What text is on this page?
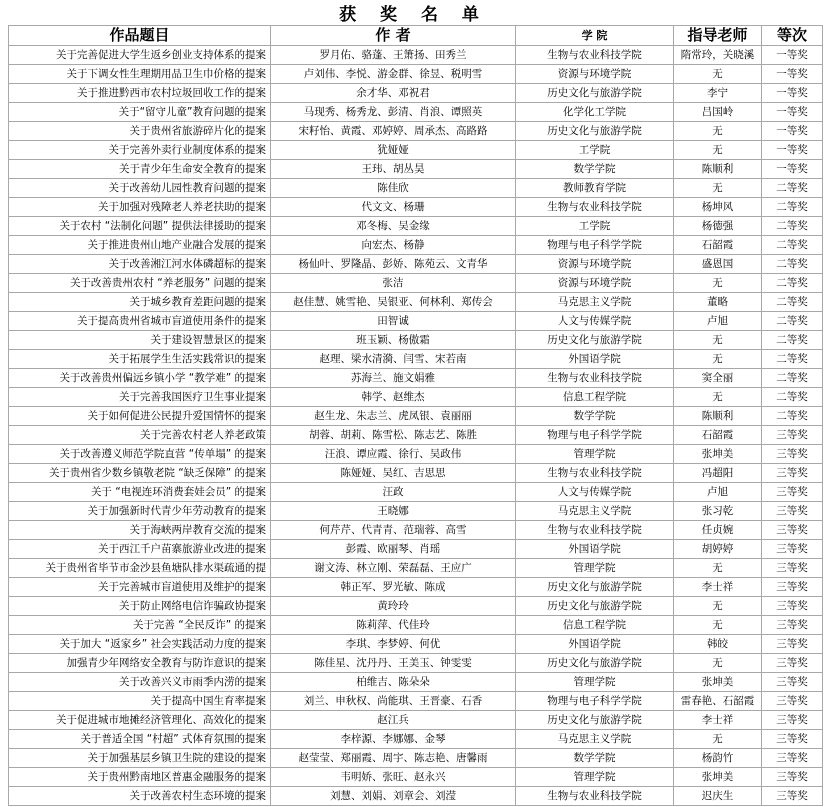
获 奖 名 单
作品题目	作 者	学 院	指导老师	等次
关于完善促进大学生返乡创业支持体系的提案	罗月佑、骆蓬、王箫扬、田秀兰	生物与农业科技学院	隋常玲，关晓溪	一等奖
关于下调女性生理期用品卫生巾价格的提案	卢刘伟、李悦、游金群、徐昱、税明雪	资源与环境学院	无	一等奖
关于推进黔西市农村垃圾回收工作的提案	余才华、邓祝君	历史文化与旅游学院	李宁	一等奖
关于“留守儿童”教育问题的提案	马现秀、杨秀龙、彭清、肖浪、谭照英	化学化工学院	吕国岭	一等奖
关于贵州省旅游碎片化的提案	宋籽怡、黄霞、邓婷婷、周承杰、高路路	历史文化与旅游学院	无	一等奖
关于完善外卖行业制度体系的提案	犹娅娅	工学院	无	一等奖
关于青少年生命安全教育的提案	王玮、胡丛昊	数学学院	陈顺利	一等奖
关于改善幼儿园性教育问题的提案	陈佳欣	教师教育学院	无	二等奖
关于加强对残障老人养老扶助的提案	代文文、杨珊	生物与农业科技学院	杨坤风	二等奖
关于农村 “法制化问题” 提供法律援助的提案	邓冬梅、吴金缘	工学院	杨德强	二等奖
关于推进贵州山地产业融合发展的提案	向宏杰、杨静	物理与电子科学学院	石韶霞	二等奖
关于改善湘江河水体磷超标的提案	杨仙叶、罗隆晶、彭娇、陈苑云、文青华	资源与环境学院	盛恩国	二等奖
关于改善贵州农村 “养老服务” 问题的提案	张洁	资源与环境学院	无	二等奖
关于城乡教育差距问题的提案	赵佳慧、姚雪艳、吴银亚、何林利、郑传会	马克思主义学院	董略	二等奖
关于提高贵州省城市盲道使用条件的提案	田智诚	人文与传媒学院	卢旭	二等奖
关于建设智慧景区的提案	班玉颖、杨傲霜	历史文化与旅游学院	无	二等奖
关于拓展学生生活实践常识的提案	赵理、梁水清漪、闫雪、宋若南	外国语学院	无	二等奖
关于改善贵州偏远乡镇小学 “教学难” 的提案	苏海兰、施文娟雅	生物与农业科技学院	窦全丽	二等奖
关于完善我国医疗卫生事业提案	韩学、赵维杰	信息工程学院	无	二等奖
关于如何促进公民提升爱国情怀的提案	赵生龙、朱志兰、虎凤银、袁丽丽	数学学院	陈顺利	二等奖
关于完善农村老人养老政策	胡蓉、胡莉、陈雪松、陈志艺、陈胜	物理与电子科学学院	石韶霞	三等奖
关于改善遵义师范学院直营 “传单塌” 的提案	汪浪、谭应霞、徐行、吴政伟	管理学院	张坤美	三等奖
关于贵州省少数乡镇敬老院 “缺乏保障” 的提案	陈娅娅、吴红、吉思思	生物与农业科技学院	冯超阳	三等奖
关于 “电视连环消费套娃会员” 的提案	汪政	人文与传媒学院	卢旭	三等奖
关于加强新时代青少年劳动教育的提案	王晓娜	马克思主义学院	张习乾	三等奖
关于海峡两岸教育交流的提案	何芹芹、代青青、范瑞蓉、高雪	生物与农业科技学院	任贞婉	三等奖
关于西江千户苗寨旅游业改进的提案	彭霞、欧丽琴、肖瑶	外国语学院	胡婷婷	三等奖
关于贵州省毕节市金沙县鱼塘队排水渠疏通的提	谢文涛、林立刚、荣磊磊、王应广	管理学院	无	三等奖
关于完善城市盲道使用及维护的提案	韩正军、罗光敏、陈成	历史文化与旅游学院	李士祥	三等奖
关于防止网络电信诈骗政协提案	黄玲玲	历史文化与旅游学院	无	三等奖
关于完善 “全民反诈” 的提案	陈莉萍、代佳玲	信息工程学院	无	三等奖
关于加大 “返家乡” 社会实践活动力度的提案	李琪、李梦婷、何优	外国语学院	韩皎	三等奖
加强青少年网络安全教育与防诈意识的提案	陈佳星、沈丹丹、王美玉、钟雯雯	历史文化与旅游学院	无	三等奖
关于改善兴义市雨季内涝的提案	柏维吉、陈朵朵	管理学院	张坤美	三等奖
关于提高中国生育率提案	刘兰、申秋权、尚能琪、王晋豪、石香	物理与电子科学学院	雷春艳、石韶霞	三等奖
关于促进城市地摊经济管理化、高效化的提案	赵江兵	历史文化与旅游学院	李士祥	三等奖
关于普适全国 “村超” 式体育氛围的提案	李梓源、李娜娜、金琴	马克思主义学院	无	三等奖
关于加强基层乡镇卫生院的建设的提案	赵莹莹、郑丽霞、周宇、陈志艳、唐馨雨	数学学院	杨韵竹	三等奖
关于贵州黔南地区普惠金融服务的提案	韦明娇、张旺、赵永兴	管理学院	张坤美	三等奖
关于改善农村生态环境的提案	刘慧、刘娟、刘章会、刘滢	生物与农业科技学院	迟庆生	三等奖
